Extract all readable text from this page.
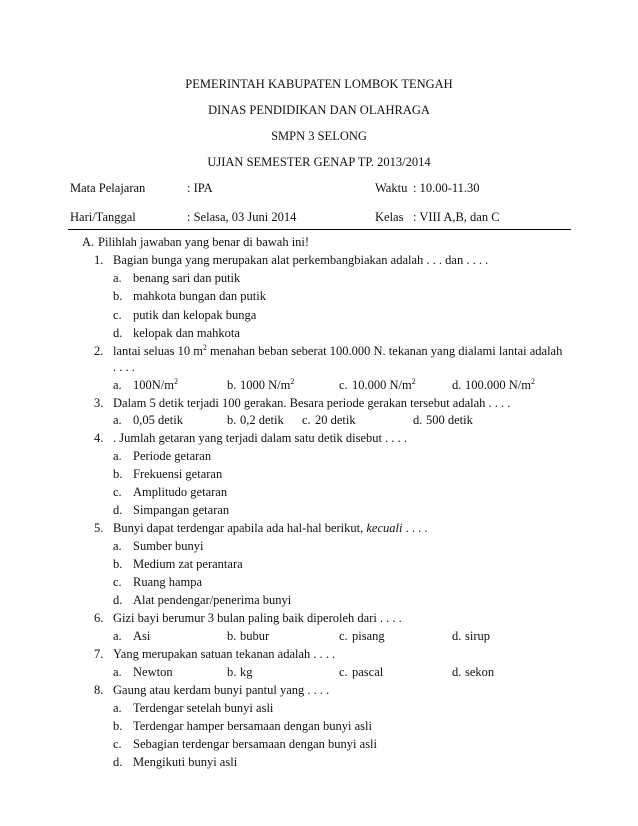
PEMERINTAH KABUPATEN LOMBOK TENGAH
DINAS PENDIDIKAN DAN OLAHRAGA
SMPN 3 SELONG
UJIAN SEMESTER GENAP TP. 2013/2014
Mata Pelajaran	: IPA	Waktu : 10.00-11.30
Hari/Tanggal	: Selasa, 03 Juni 2014	Kelas : VIII A,B, dan C
A. Pilihlah jawaban yang benar di bawah ini!
1. Bagian bunga yang merupakan alat perkembangbiakan adalah . . . dan . . . .
a. benang sari dan putik
b. mahkota bungan dan putik
c. putik dan kelopak bunga
d. kelopak dan mahkota
2. lantai seluas 10 $m^2$ menahan beban seberat 100.000 N. tekanan yang dialami lantai adalah
. . . .
a. $100N/m^2$	b. 1000 $N/m^2$	c. 10.000 $N/m^2$	d. 100.000 $N/m^2$
3. Dalam 5 detik terjadi 100 gerakan. Besara periode gerakan tersebut adalah . . . .
a. 0,05 detik	b. 0,2 detik c. 20 detik	d. 500 detik
4. . Jumlah getaran yang terjadi dalam satu detik disebut . . . .
a. Periode getaran
b. Frekuensi getaran
c. Amplitudo getaran
d. Simpangan getaran
5. Bunyi dapat terdengar apabila ada hal-hal berikut, kecuali . . . .
a. Sumber bunyi
b. Medium zat perantara
c. Ruang hampa
d. Alat pendengar/penerima bunyi
6. Gizi bayi berumur 3 bulan paling baik diperoleh dari . . . .
a. Asi	b. bubur	c. pisang	d. sirup
7. Yang merupakan satuan tekanan adalah . . . .
a. Newton	b. kg	c. pascal	d. sekon
8. Gaung atau kerdam bunyi pantul yang . . . .
a. Terdengar setelah bunyi asli
b. Terdengar hamper bersamaan dengan bunyi asli
c. Sebagian terdengar bersamaan dengan bunyi asli
d. Mengikuti bunyi asli
